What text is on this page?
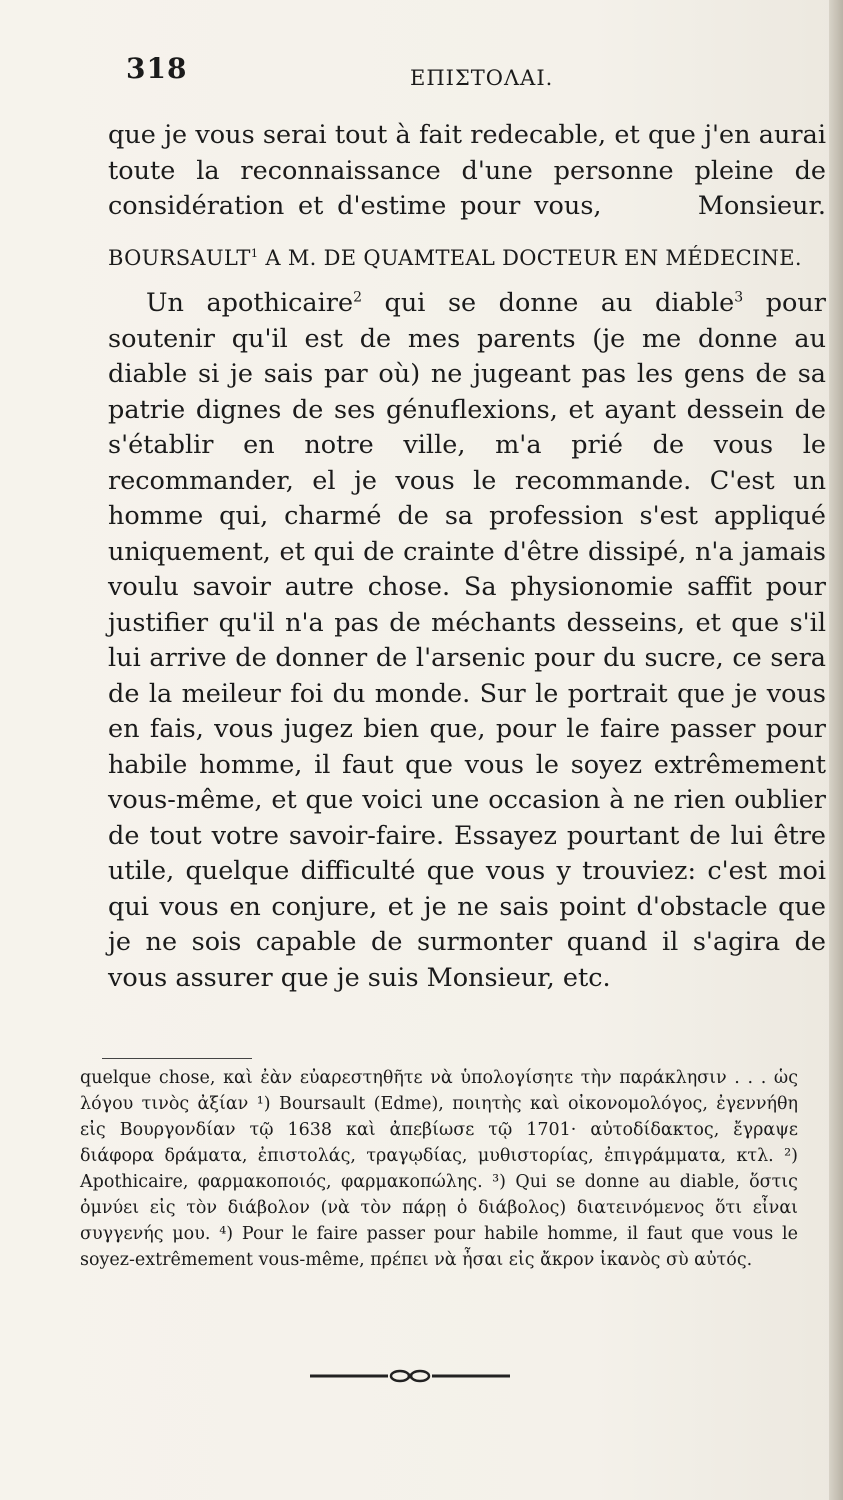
318	ΕΠΙΣΤΟΛΑΙ.

que je vous serai tout à fait redecable, et que j'en aurai toute la reconnaissance d'une personne pleine de considération et d'estime pour vous,	Monsieur.

BOURSAULT$^1$ A M. DE QUAMTEAL DOCTEUR EN MÉDECINE.

Un apothicaire$^2$ qui se donne au diable$^3$ pour soutenir qu'il est de mes parents (je me donne au diable si je sais par où) ne jugeant pas les gens de sa patrie dignes de ses génuflexions, et ayant dessein de s'établir en notre ville, m'a prié de vous le recommander, el je vous le recommande. C'est un homme qui, charmé de sa profession s'est appliqué uniquement, et qui de crainte d'être dissipé, n'a jamais voulu savoir autre chose. Sa physionomie saffit pour justifier qu'il n'a pas de méchants desseins, et que s'il lui arrive de donner de l'arsenic pour du sucre, ce sera de la meileur foi du monde. Sur le portrait que je vous en fais, vous jugez bien que, pour le faire passer pour habile homme, il faut que vous le soyez extrêmement vous-même, et que voici une occasion à ne rien oublier de tout votre savoir-faire. Essayez pourtant de lui être utile, quelque difficulté que vous y trouviez: c'est moi qui vous en conjure, et je ne sais point d'obstacle que je ne sois capable de surmonter quand il s'agira de vous assurer que je suis Monsieur, etc.

quelque chose, καὶ ἐὰν εὐαρεστηθῆτε νὰ ὑπολογίσητε τὴν παράκλησιν . . . ὡς λόγου τινὸς ἀξίαν ¹) Boursault (Edme), ποιητὴς καὶ οἰκονομολόγος, ἐγεννήθη εἰς Βουργονδίαν τῷ 1638 καὶ ἀπεβίωσε τῷ 1701· αὐτοδίδακτος, ἔγραψε διάφορα δράματα, ἐπιστολάς, τραγῳδίας, μυθιστορίας, ἐπιγράμματα, κτλ. ²) Apothicaire, φαρμακοποιός, φαρμακοπώλης. ³) Qui se donne au diable, ὅστις ὀμνύει εἰς τὸν διάβολον (νὰ τὸν πάρῃ ὁ διάβολος) διατεινόμενος ὅτι εἶναι συγγενής μου. ⁴) Pour le faire passer pour habile homme, il faut que vous le soyez-extrêmement vous-même, πρέπει νὰ ἦσαι εἰς ἄκρον ἱκανὸς σὺ αὐτός.
